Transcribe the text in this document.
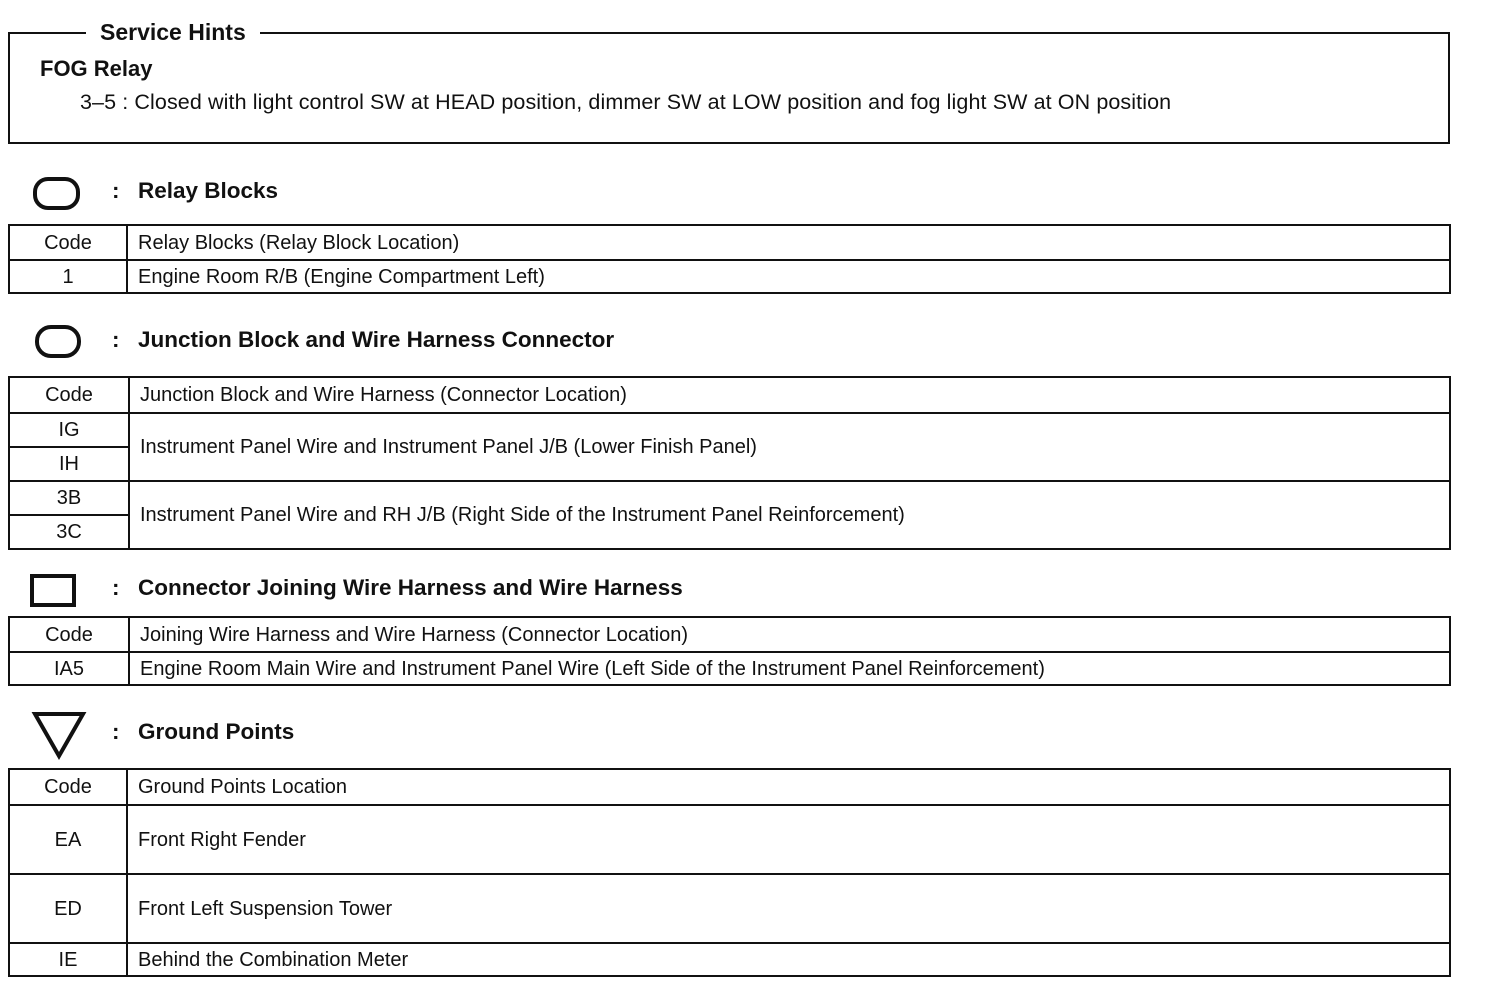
Service Hints
FOG Relay
3–5 : Closed with light control SW at HEAD position, dimmer SW at LOW position and fog light SW at ON position
: Relay Blocks
Code	Relay Blocks (Relay Block Location)
1	Engine Room R/B (Engine Compartment Left)
: Junction Block and Wire Harness Connector
Code	Junction Block and Wire Harness (Connector Location)
IG	Instrument Panel Wire and Instrument Panel J/B (Lower Finish Panel)
IH	
3B	Instrument Panel Wire and RH J/B (Right Side of the Instrument Panel Reinforcement)
3C	
: Connector Joining Wire Harness and Wire Harness
Code	Joining Wire Harness and Wire Harness (Connector Location)
IA5	Engine Room Main Wire and Instrument Panel Wire (Left Side of the Instrument Panel Reinforcement)
: Ground Points
Code	Ground Points Location
EA	Front Right Fender
ED	Front Left Suspension Tower
IE	Behind the Combination Meter
